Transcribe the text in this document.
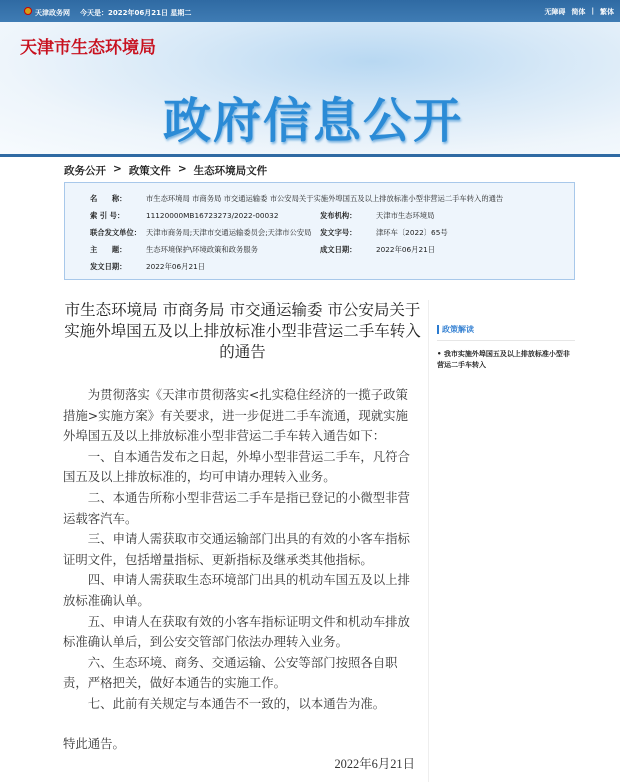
天津政务网 今天是：2022年06月21日 星期二	无障碍 简体 | 繁体
天津市生态环境局
政府信息公开
政务公开 > 政策文件 > 生态环境局文件
名　　称：	市生态环境局 市商务局 市交通运输委 市公安局关于实施外埠国五及以上排放标准小型非营运二手车转入的通告
索 引 号：	11120000MB16723273/2022-00032	发布机构：	天津市生态环境局
联合发文单位： 天津市商务局;天津市交通运输委员会;天津市公安局 发文字号：	津环车〔2022〕65号
主　　题：	生态环境保护\环境政策和政务服务	成文日期：	2022年06月21日
发文日期：	2022年06月21日
市生态环境局 市商务局 市交通运输委 市公安局关于实施外埠国五及以上排放标准小型非营运二手车转入的通告

为贯彻落实《天津市贯彻落实<扎实稳住经济的一揽子政策措施>实施方案》有关要求，进一步促进二手车流通，现就实施外埠国五及以上排放标准小型非营运二手车转入通告如下：

一、自本通告发布之日起，外埠小型非营运二手车，凡符合国五及以上排放标准的，均可申请办理转入业务。

二、本通告所称小型非营运二手车是指已登记的小微型非营运载客汽车。

三、申请人需获取市交通运输部门出具的有效的小客车指标证明文件，包括增量指标、更新指标及继承类其他指标。

四、申请人需获取生态环境部门出具的机动车国五及以上排放标准确认单。

五、申请人在获取有效的小客车指标证明文件和机动车排放标准确认单后，到公安交管部门依法办理转入业务。

六、生态环境、商务、交通运输、公安等部门按照各自职责，严格把关，做好本通告的实施工作。

七、此前有关规定与本通告不一致的，以本通告为准。

特此通告。
2022年6月21日
政策解读
• 我市实施外埠国五及以上排放标准小型非营运二手车转入
